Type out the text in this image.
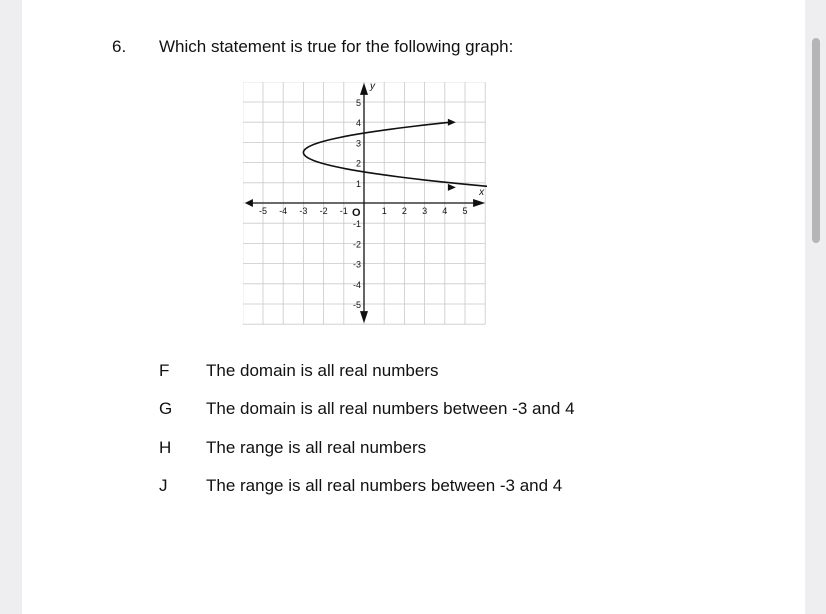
6. Which statement is true for the following graph:
-5 -4 -3 -2 -1	1 2 3 4 5
5
4
3
2
1
-1
-2
-3
-4
-5
x
y
O
F The domain is all real numbers
G The domain is all real numbers between -3 and 4
H The range is all real numbers
J The range is all real numbers between -3 and 4
